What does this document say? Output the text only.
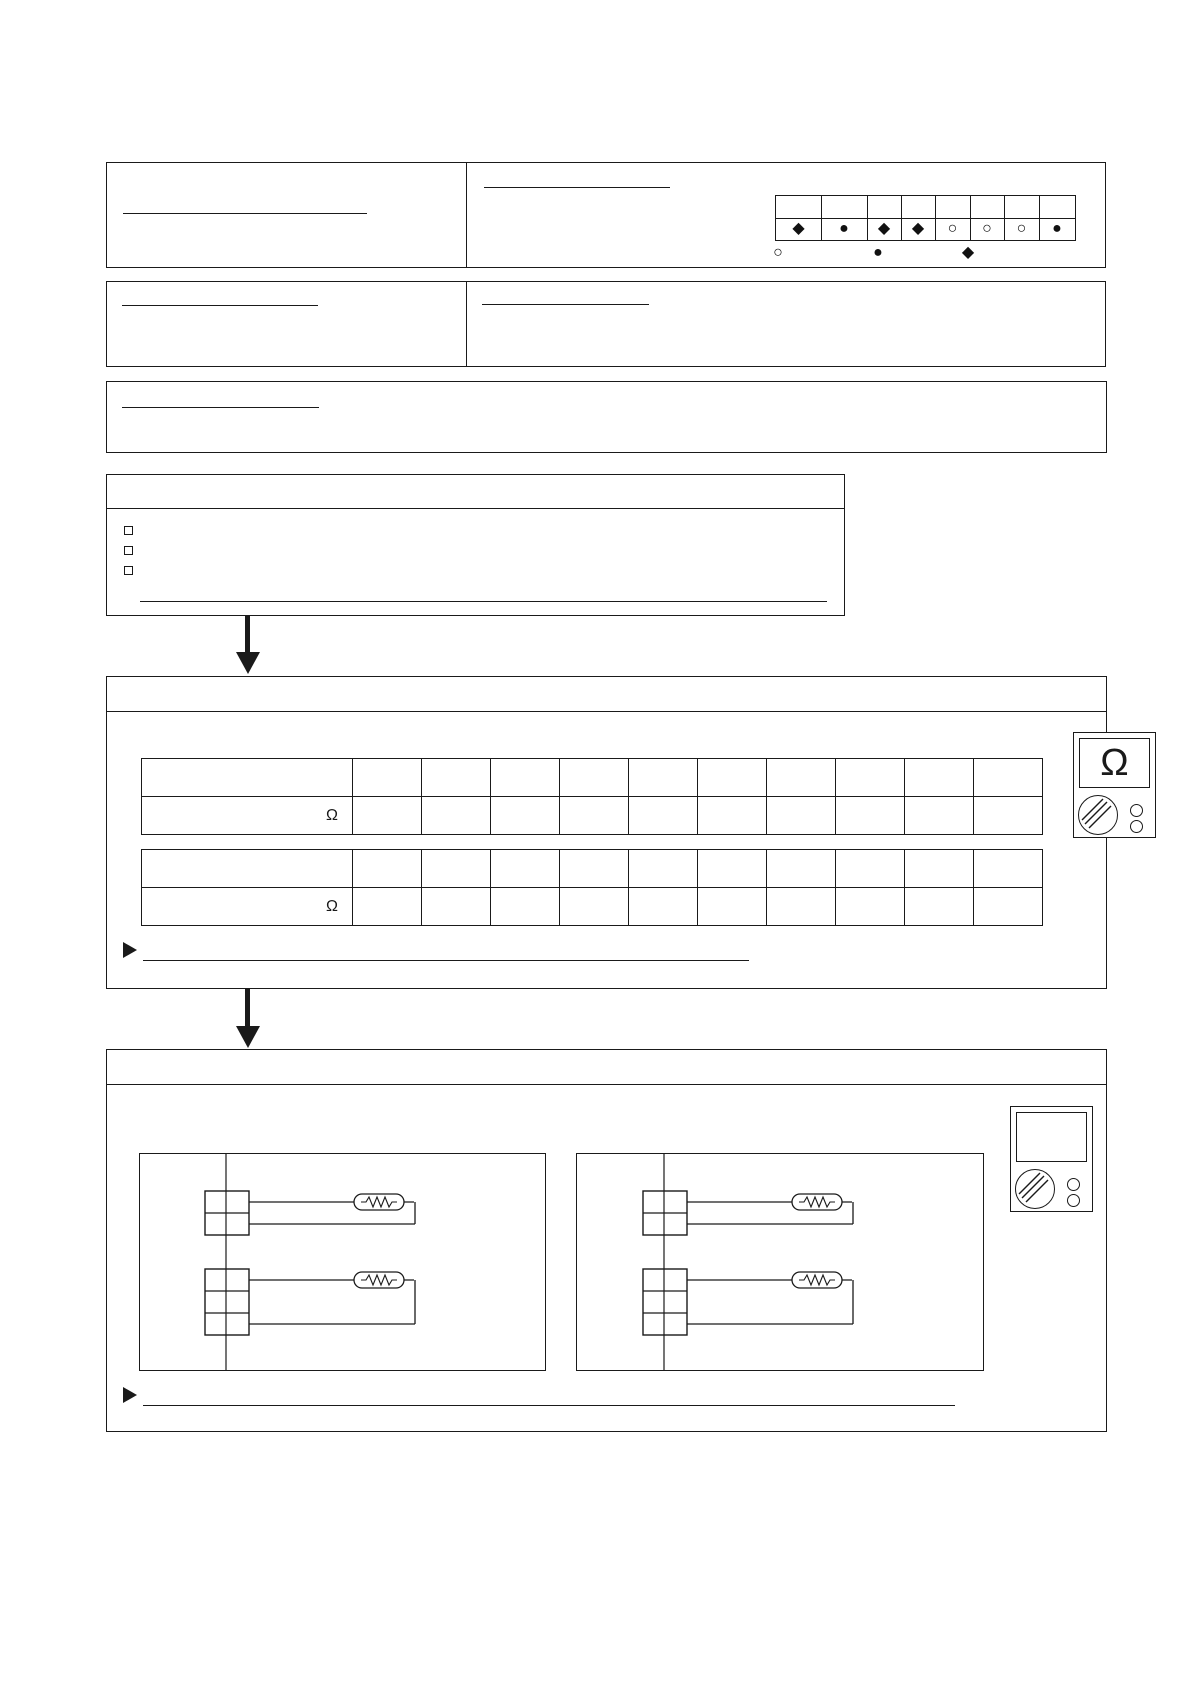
◆	●	◆	◆	○	○	○	●
○	●	◆

Ω										

Ω										
Ω
